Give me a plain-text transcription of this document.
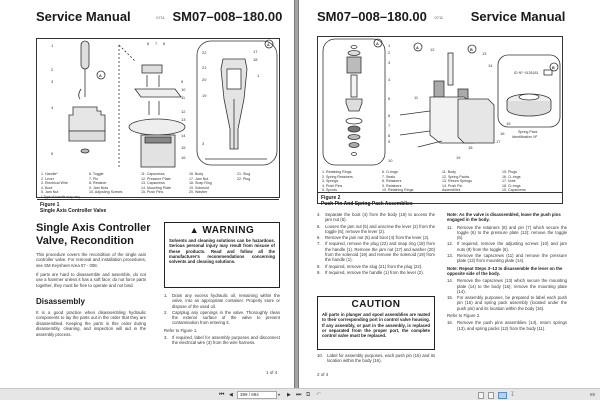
Service Manual	0711 SM07–008–180.00
1
2
3
4
5
6 7 8
9
10
11
12
13
14
15
16
22
21
20
19
17
18
1
3
A
A
1. Handle*
2. Lever
3. Electrical Wire
4. Boot
5. Jam Nut
6. Toggle
7. Pin
8. Retainer
9. Jam Nuts
10. Adjusting Screws
11. Capscrews
12. Pressure Plate
13. Capscrews
14. Mounting Plate
15. Push Pins
16. Body
17. Jam Nut
18. Snap Ring
19. Solenoid
20. Washer
21. Slug
22. Plug
* Type of handle may vary.
Figure 1
Single Axis Controller Valve
Single Axis Controller Valve, Recondition
This procedure covers the recondition of the single axis controller valve. For removal and installation procedures, see SM Keysheet Area 07 - 008.
If parts are hard to disassemble and assemble, do not use a hammer unless it has a soft face; do not force parts together, they must be free to operate and not bind.
Disassembly
It is a good practice when disassembling hydraulic components to lay the parts out in the order that they are disassembled. Keeping the parts in this order during disassembly, cleaning, and inspection will aid in the assembly process.
▲ WARNING
Solvents and cleaning solutions can be hazardous. Serious personal injury may result from misuse of these products. Read and follow all the manufacturer's recommendations concerning solvents and cleaning solutions.
1.	Drain any excess hydraulic oil, remaining within the valve, into an appropriate container. Properly store or dispose of the used oil.
2.	Cap/plug any openings in the valve. Thoroughly clean the exterior surface of the valve to prevent contamination from entering it.
Refer to Figure 1.
3.	If required, label for assembly purposes and disconnect the electrical wire (3) from the wire harness.
1 of 4
SM07–008–180.00 0711 Service Manual
1
2
3
4
5
6
7
8
9
10
12
13
14
11
15
16
17
18
19
A
A	B
B
ID Nº: 9126181
Spring Pack
Identification Nº
1. Retaining Rings
2. Spring Retainers
3. Springs
4. Push Pins
5. Spools
6. O-rings
7. Seals
8. Retainers
9. Retainers
10. Retaining Rings
11. Body
12. Spring Packs
13. Return Springs
14. Push Pin
Assemblies
15. Plugs
16. O–rings
17. Nuts
18. O–rings
19. Capscrews
Figure 2
Push Pin And Spring Pack Assemblies
4.	Separate the boot (4) from the body (16) to access the jam nut (5).
5.	Loosen the jam nut (5) and unscrew the lever (2) from the toggle (6); remove the lever (2).
6.	Remove the jam nut (5) and boot (4) from the lever (2).
7.	If required, remove the plug (22) and snap ring (18) from the handle (1). Remove the jam nut (17) and washer (20) from the solenoid (19) and remove the solenoid (19) from the handle (1).
8.	If required, remove the slug (21) from the plug (22).
9.	If required, remove the handle (1) from the lever (2).
CAUTION
All parts in plunger and spool assemblies are mated to their corresponding port in control valve housing. If any assembly, or part in the assembly, is replaced or separated from the proper port, the complete control valve must be replaced.
10. Label for assembly purposes, each push pin (15) and its location within the body (16).
Note: As the valve is disassembled, leave the push pins engaged in the body.
11.	Remove the retainers (8) and pin (7) which secure the toggle (6) to the pressure plate (12); remove the toggle (6).
12. If required, remove the adjusting screws (10) and jam nuts (9) from the toggle (6).
13. Remove the capscrews (11) and remove the pressure plate (12) from mounting plate (14).
Note: Repeat Steps 3–13 to disassemble the lever on the opposite side of the body.
14. Remove the capscrews (13) which secure the mounting plate (14) to the body (16); remove the mounting plate (14).
15. For assembly purposes, be prepared to label each push pin (15) and spring pack assembly (located under the push pin) and its location within the body (16).
Refer to Figure 2.
16. Remove the push pins assemblies (14), return springs (13), and spring packs (12) from the body (11).
2 of 4
⏮ ◀
399 / 694	▾ ▶ ⏭ ⧉ ↶	↧	89
